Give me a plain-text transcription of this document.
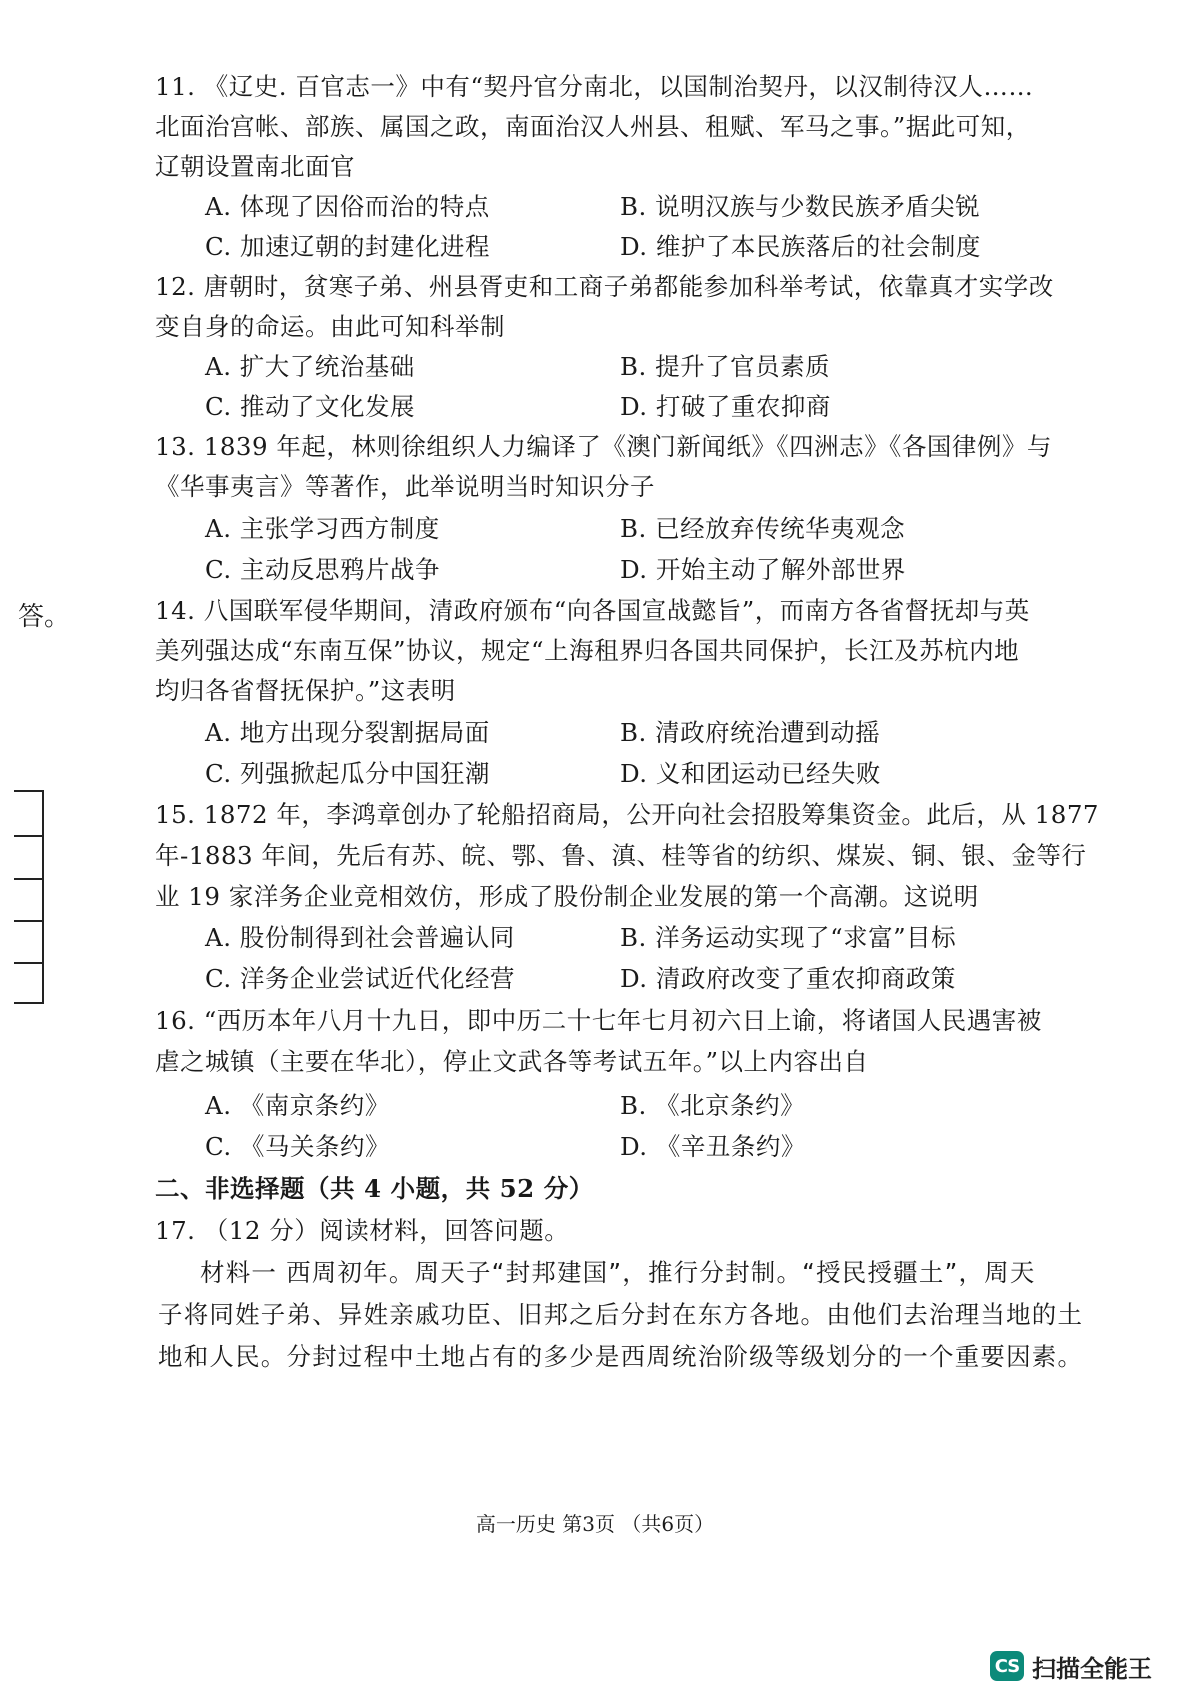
答。
11. 《辽史. 百官志一》中有“契丹官分南北，以国制治契丹，以汉制待汉人……
北面治宫帐、部族、属国之政，南面治汉人州县、租赋、军马之事。”据此可知，
辽朝设置南北面官
A. 体现了因俗而治的特点	B. 说明汉族与少数民族矛盾尖锐
C. 加速辽朝的封建化进程	D. 维护了本民族落后的社会制度
12. 唐朝时，贫寒子弟、州县胥吏和工商子弟都能参加科举考试，依靠真才实学改
变自身的命运。由此可知科举制
A. 扩大了统治基础	B. 提升了官员素质
C. 推动了文化发展	D. 打破了重农抑商
13. 1839 年起，林则徐组织人力编译了《澳门新闻纸》《四洲志》《各国律例》与
《华事夷言》等著作，此举说明当时知识分子
A. 主张学习西方制度	B. 已经放弃传统华夷观念
C. 主动反思鸦片战争	D. 开始主动了解外部世界
14. 八国联军侵华期间，清政府颁布“向各国宣战懿旨”，而南方各省督抚却与英
美列强达成“东南互保”协议，规定“上海租界归各国共同保护，长江及苏杭内地
均归各省督抚保护。”这表明
A. 地方出现分裂割据局面	B. 清政府统治遭到动摇
C. 列强掀起瓜分中国狂潮	D. 义和团运动已经失败
15. 1872 年，李鸿章创办了轮船招商局，公开向社会招股筹集资金。此后，从 1877
年-1883 年间，先后有苏、皖、鄂、鲁、滇、桂等省的纺织、煤炭、铜、银、金等行
业 19 家洋务企业竞相效仿，形成了股份制企业发展的第一个高潮。这说明
A. 股份制得到社会普遍认同	B. 洋务运动实现了“求富”目标
C. 洋务企业尝试近代化经营	D. 清政府改变了重农抑商政策
16. “西历本年八月十九日，即中历二十七年七月初六日上谕，将诸国人民遇害被
虐之城镇（主要在华北），停止文武各等考试五年。”以上内容出自
A. 《南京条约》	B. 《北京条约》
C. 《马关条约》	D. 《辛丑条约》
二、非选择题（共 4 小题，共 52 分）
17. （12 分）阅读材料，回答问题。
材料一 西周初年。周天子“封邦建国”，推行分封制。“授民授疆土”，周天
子将同姓子弟、异姓亲戚功臣、旧邦之后分封在东方各地。由他们去治理当地的土
地和人民。分封过程中土地占有的多少是西周统治阶级等级划分的一个重要因素。
高一历史 第3页 （共6页）
CS 扫描全能王
